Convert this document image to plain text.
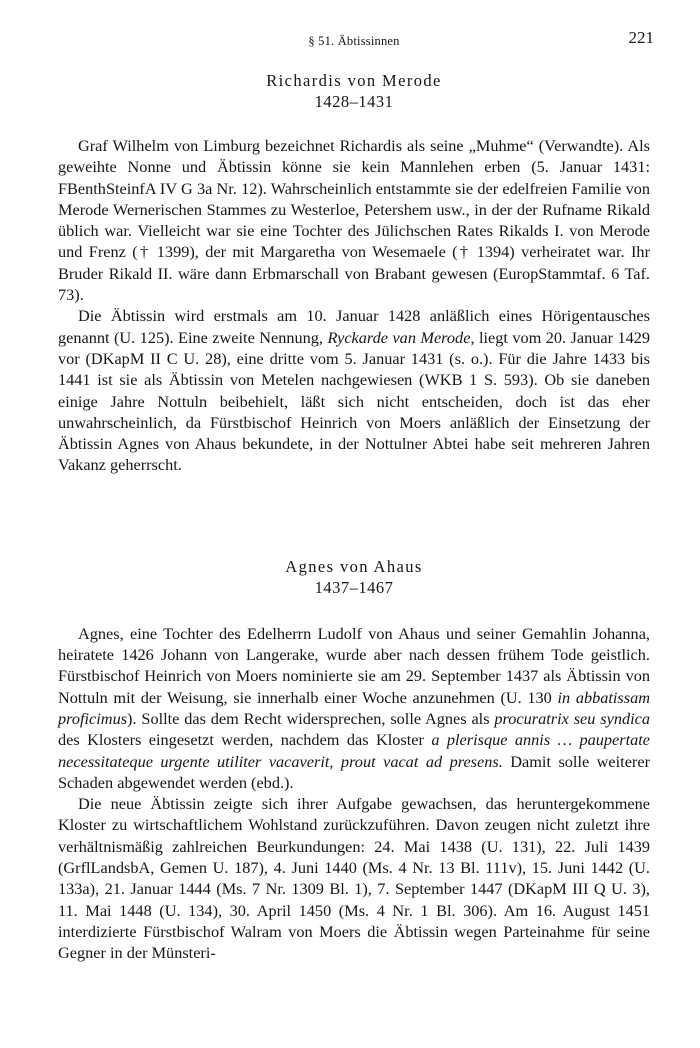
§ 51. Äbtissinnen	221
Richardis von Merode
1428–1431

Graf Wilhelm von Limburg bezeichnet Richardis als seine „Muhme“ (Verwandte). Als geweihte Nonne und Äbtissin könne sie kein Mannlehen erben (5. Januar 1431: FBenthSteinfA IV G 3a Nr. 12). Wahrscheinlich entstammte sie der edelfreien Familie von Merode Wernerischen Stammes zu Westerloe, Petershem usw., in der der Rufname Rikald üblich war. Vielleicht war sie eine Tochter des Jülichschen Rates Rikalds I. von Merode und Frenz († 1399), der mit Margaretha von Wesemaele († 1394) verheiratet war. Ihr Bruder Rikald II. wäre dann Erbmarschall von Brabant gewesen (EuropStammtaf. 6 Taf. 73).

Die Äbtissin wird erstmals am 10. Januar 1428 anläßlich eines Hörigentausches genannt (U. 125). Eine zweite Nennung, Ryckarde van Merode, liegt vom 20. Januar 1429 vor (DKapM II C U. 28), eine dritte vom 5. Januar 1431 (s. o.). Für die Jahre 1433 bis 1441 ist sie als Äbtissin von Metelen nachgewiesen (WKB 1 S. 593). Ob sie daneben einige Jahre Nottuln beibehielt, läßt sich nicht entscheiden, doch ist das eher unwahrscheinlich, da Fürstbischof Heinrich von Moers anläßlich der Einsetzung der Äbtissin Agnes von Ahaus bekundete, in der Nottulner Abtei habe seit mehreren Jahren Vakanz geherrscht.

Agnes von Ahaus
1437–1467

Agnes, eine Tochter des Edelherrn Ludolf von Ahaus und seiner Gemahlin Johanna, heiratete 1426 Johann von Langerake, wurde aber nach dessen frühem Tode geistlich. Fürstbischof Heinrich von Moers nominierte sie am 29. September 1437 als Äbtissin von Nottuln mit der Weisung, sie innerhalb einer Woche anzunehmen (U. 130 in abbatissam proficimus). Sollte das dem Recht widersprechen, solle Agnes als procuratrix seu syndica des Klosters eingesetzt werden, nachdem das Kloster a plerisque annis … paupertate necessitateque urgente utiliter vacaverit, prout vacat ad presens. Damit solle weiterer Schaden abgewendet werden (ebd.).

Die neue Äbtissin zeigte sich ihrer Aufgabe gewachsen, das heruntergekommene Kloster zu wirtschaftlichem Wohlstand zurückzuführen. Davon zeugen nicht zuletzt ihre verhältnismäßig zahlreichen Beurkundungen: 24. Mai 1438 (U. 131), 22. Juli 1439 (GrflLandsbA, Gemen U. 187), 4. Juni 1440 (Ms. 4 Nr. 13 Bl. 111v), 15. Juni 1442 (U. 133a), 21. Januar 1444 (Ms. 7 Nr. 1309 Bl. 1), 7. September 1447 (DKapM III Q U. 3), 11. Mai 1448 (U. 134), 30. April 1450 (Ms. 4 Nr. 1 Bl. 306). Am 16. August 1451 interdizierte Fürstbischof Walram von Moers die Äbtissin wegen Parteinahme für seine Gegner in der Münsteri-
